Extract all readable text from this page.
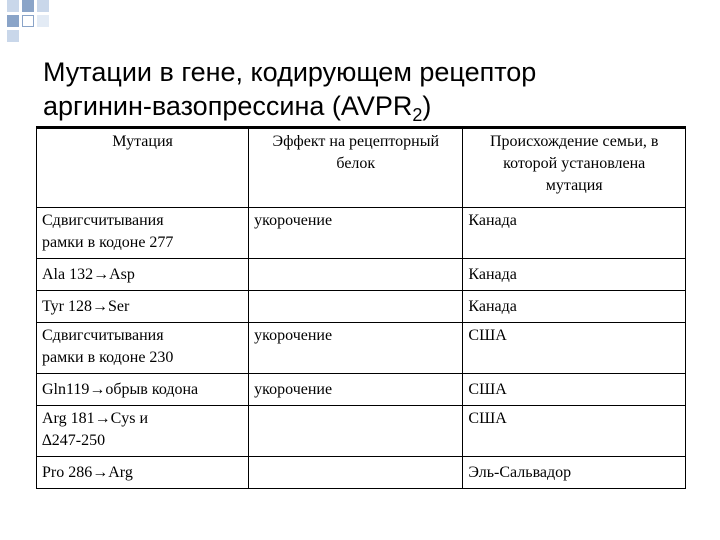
Мутации в гене, кодирующем рецептор
аргинин-вазопрессина $(AVPR_2)$
Мутация	Эффект на рецепторный белок	Происхождение семьи, в которой установлена мутация

Сдвигсчитывания
рамки в кодоне 277	укорочение	Канада
Ala 132→Asp		Канада
Tyr 128→Ser		Канада

Сдвигсчитывания
рамки в кодоне 230	укорочение	США
Gln119→обрыв кодона	укорочение	США

Arg 181→Cys и
∆247-250		США
Pro 286→Arg		Эль-Сальвадор
